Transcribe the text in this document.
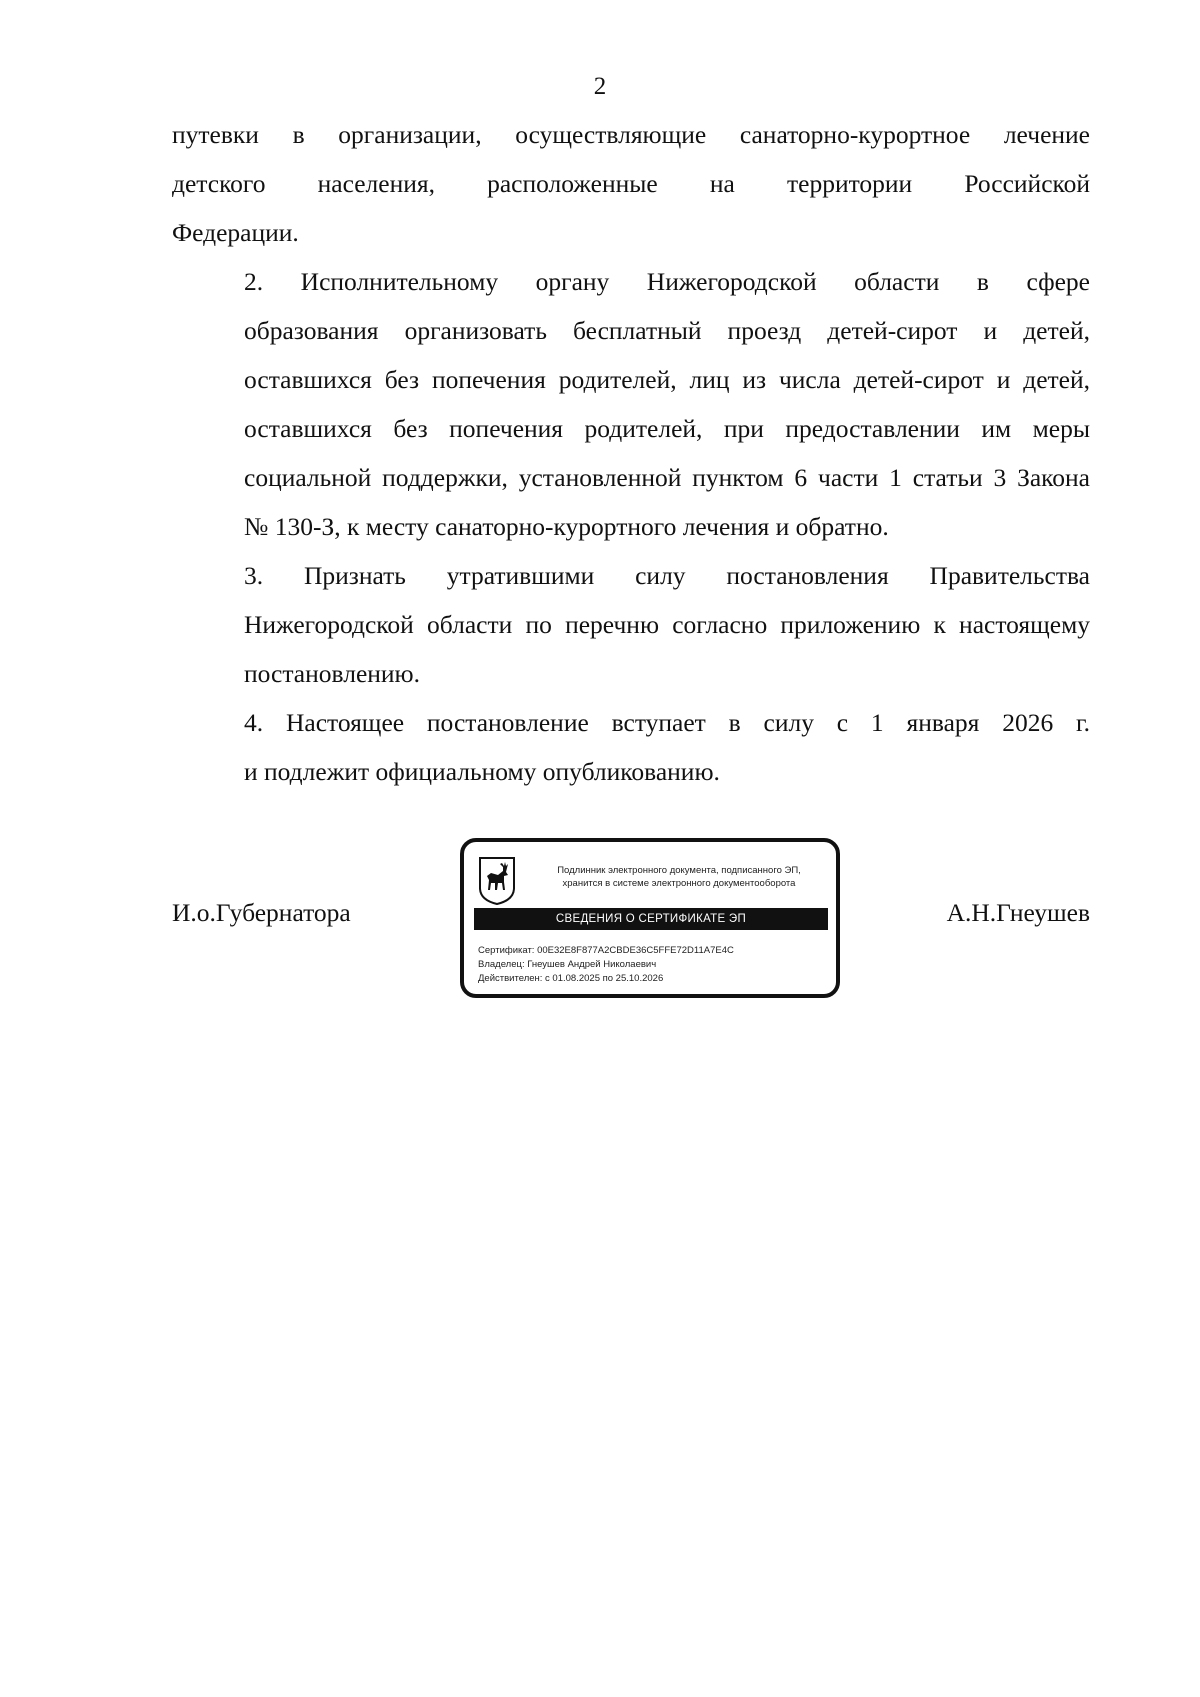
2

путевки в организации, осуществляющие санаторно-курортное лечение
детского населения, расположенные на территории Российской
Федерации.

2. Исполнительному органу Нижегородской области в сфере
образования организовать бесплатный проезд детей-сирот и детей,
оставшихся без попечения родителей, лиц из числа детей-сирот и детей,
оставшихся без попечения родителей, при предоставлении им меры
социальной поддержки, установленной пунктом 6 части 1 статьи 3 Закона
№ 130-З, к месту санаторно-курортного лечения и обратно.

3. Признать утратившими силу постановления Правительства
Нижегородской области по перечню согласно приложению к настоящему
постановлению.

4. Настоящее постановление вступает в силу с 1 января 2026 г.
и подлежит официальному опубликованию.

И.о.Губернатора
Подлинник электронного документа, подписанного ЭП,
хранится в системе электронного документооборота
СВЕДЕНИЯ О СЕРТИФИКАТЕ ЭП
Сертификат: 00E32E8F877A2CBDE36C5FFE72D11A7E4C
Владелец: Гнеушев Андрей Николаевич
Действителен: с 01.08.2025 по 25.10.2026
А.Н.Гнеушев
